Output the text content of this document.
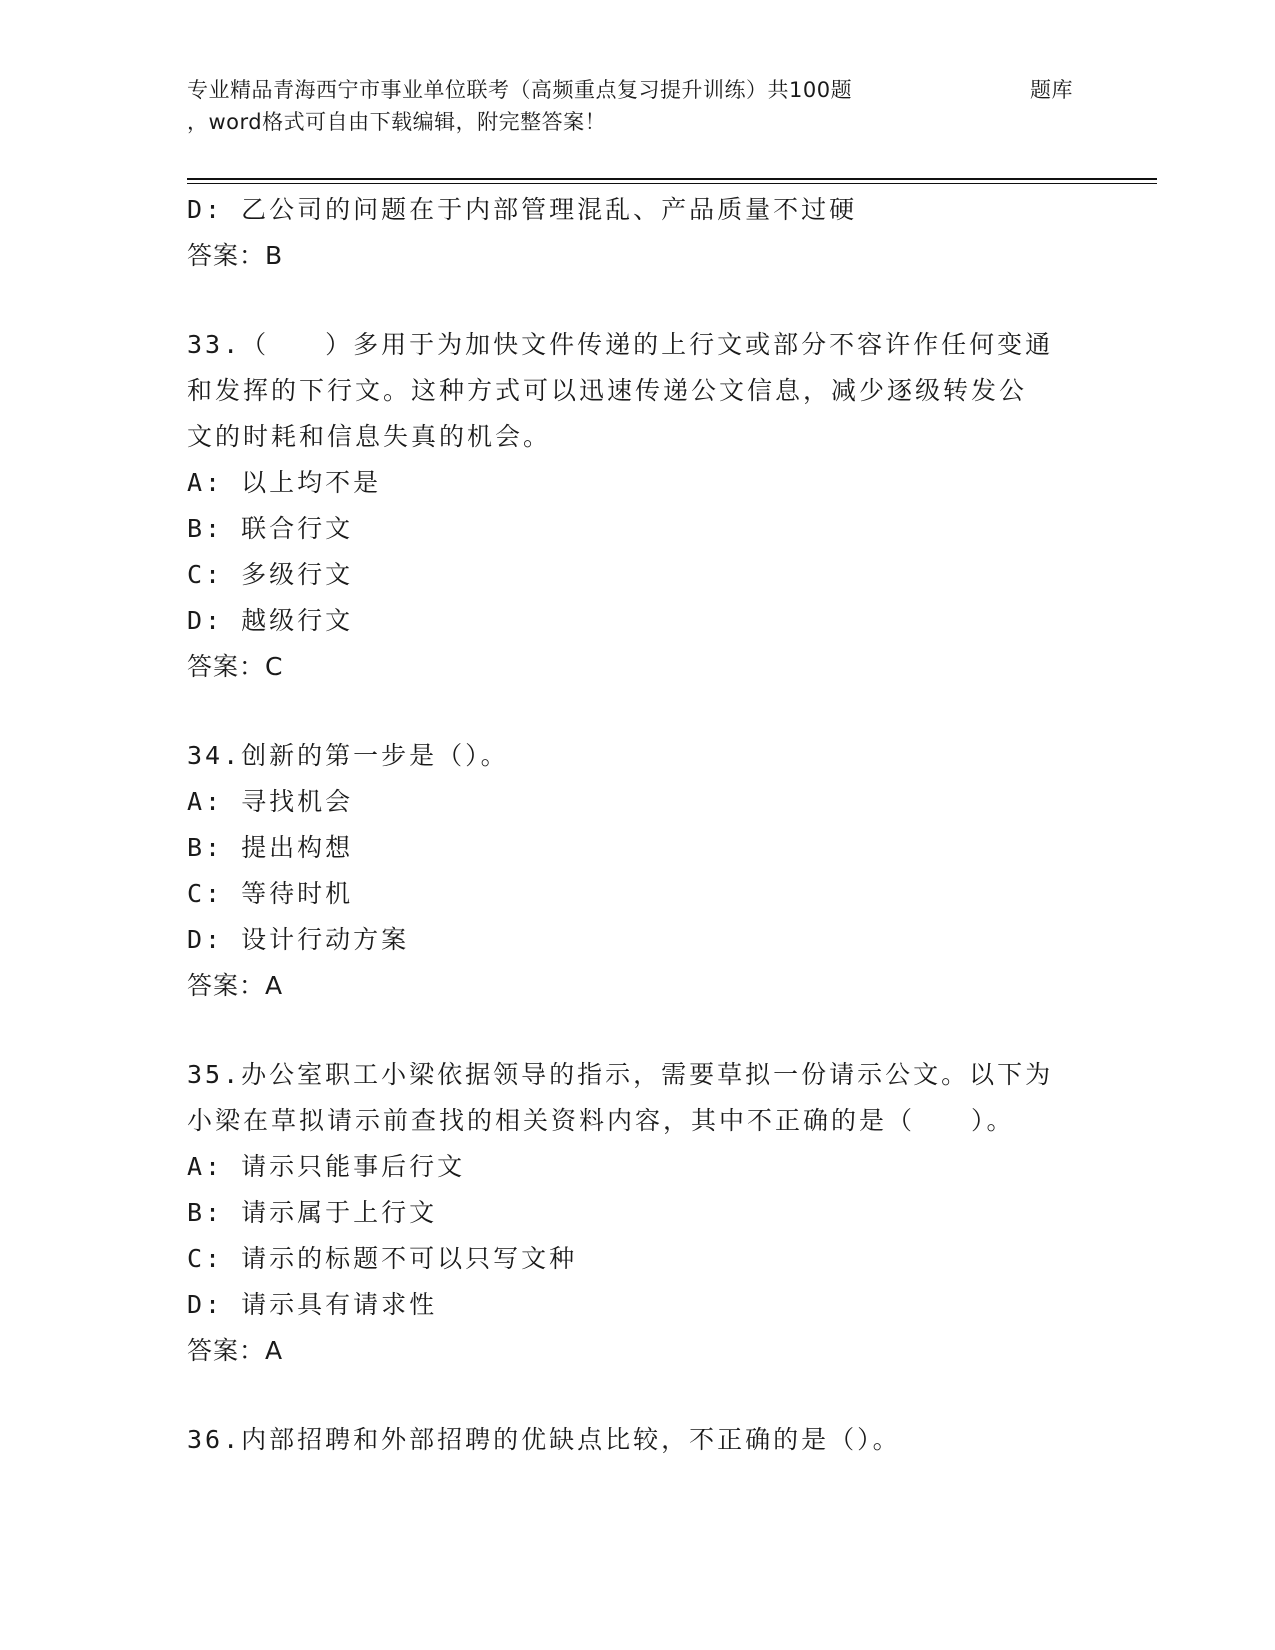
专业精品青海西宁市事业单位联考（高频重点复习提升训练）共100题	题库
，word格式可自由下载编辑，附完整答案！
D: 乙公司的问题在于内部管理混乱、产品质量不过硬
答案：B
33.（　　）多用于为加快文件传递的上行文或部分不容许作任何变通
和发挥的下行文。这种方式可以迅速传递公文信息，减少逐级转发公
文的时耗和信息失真的机会。
A: 以上均不是
B: 联合行文
C: 多级行文
D: 越级行文
答案：C
34.创新的第一步是（）。
A: 寻找机会
B: 提出构想
C: 等待时机
D: 设计行动方案
答案：A
35.办公室职工小梁依据领导的指示，需要草拟一份请示公文。以下为
小梁在草拟请示前查找的相关资料内容，其中不正确的是（　　）。
A: 请示只能事后行文
B: 请示属于上行文
C: 请示的标题不可以只写文种
D: 请示具有请求性
答案：A
36.内部招聘和外部招聘的优缺点比较，不正确的是（）。
